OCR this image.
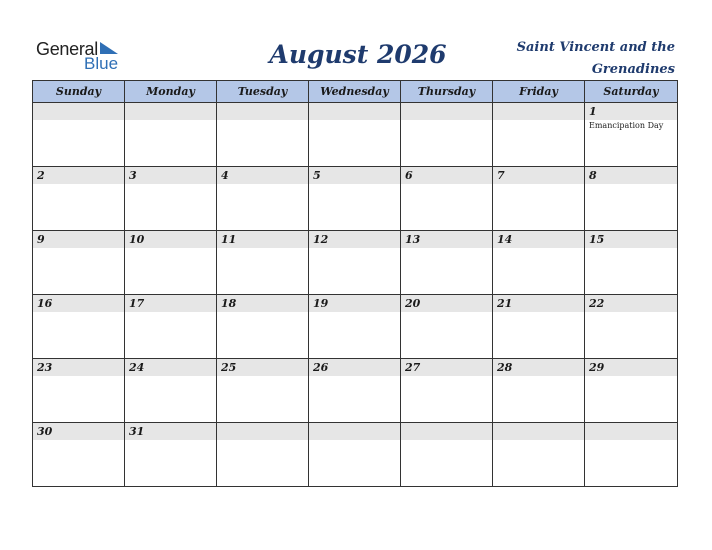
General
Blue	August 2026	Saint Vincent and the Grenadines
Sunday	Monday	Tuesday	Wednesday	Thursday	Friday	Saturday

						1
Emancipation Day

2	3	4	5	6	7	8

9	10	11	12	13	14	15

16	17	18	19	20	21	22

23	24	25	26	27	28	29

30	31					
